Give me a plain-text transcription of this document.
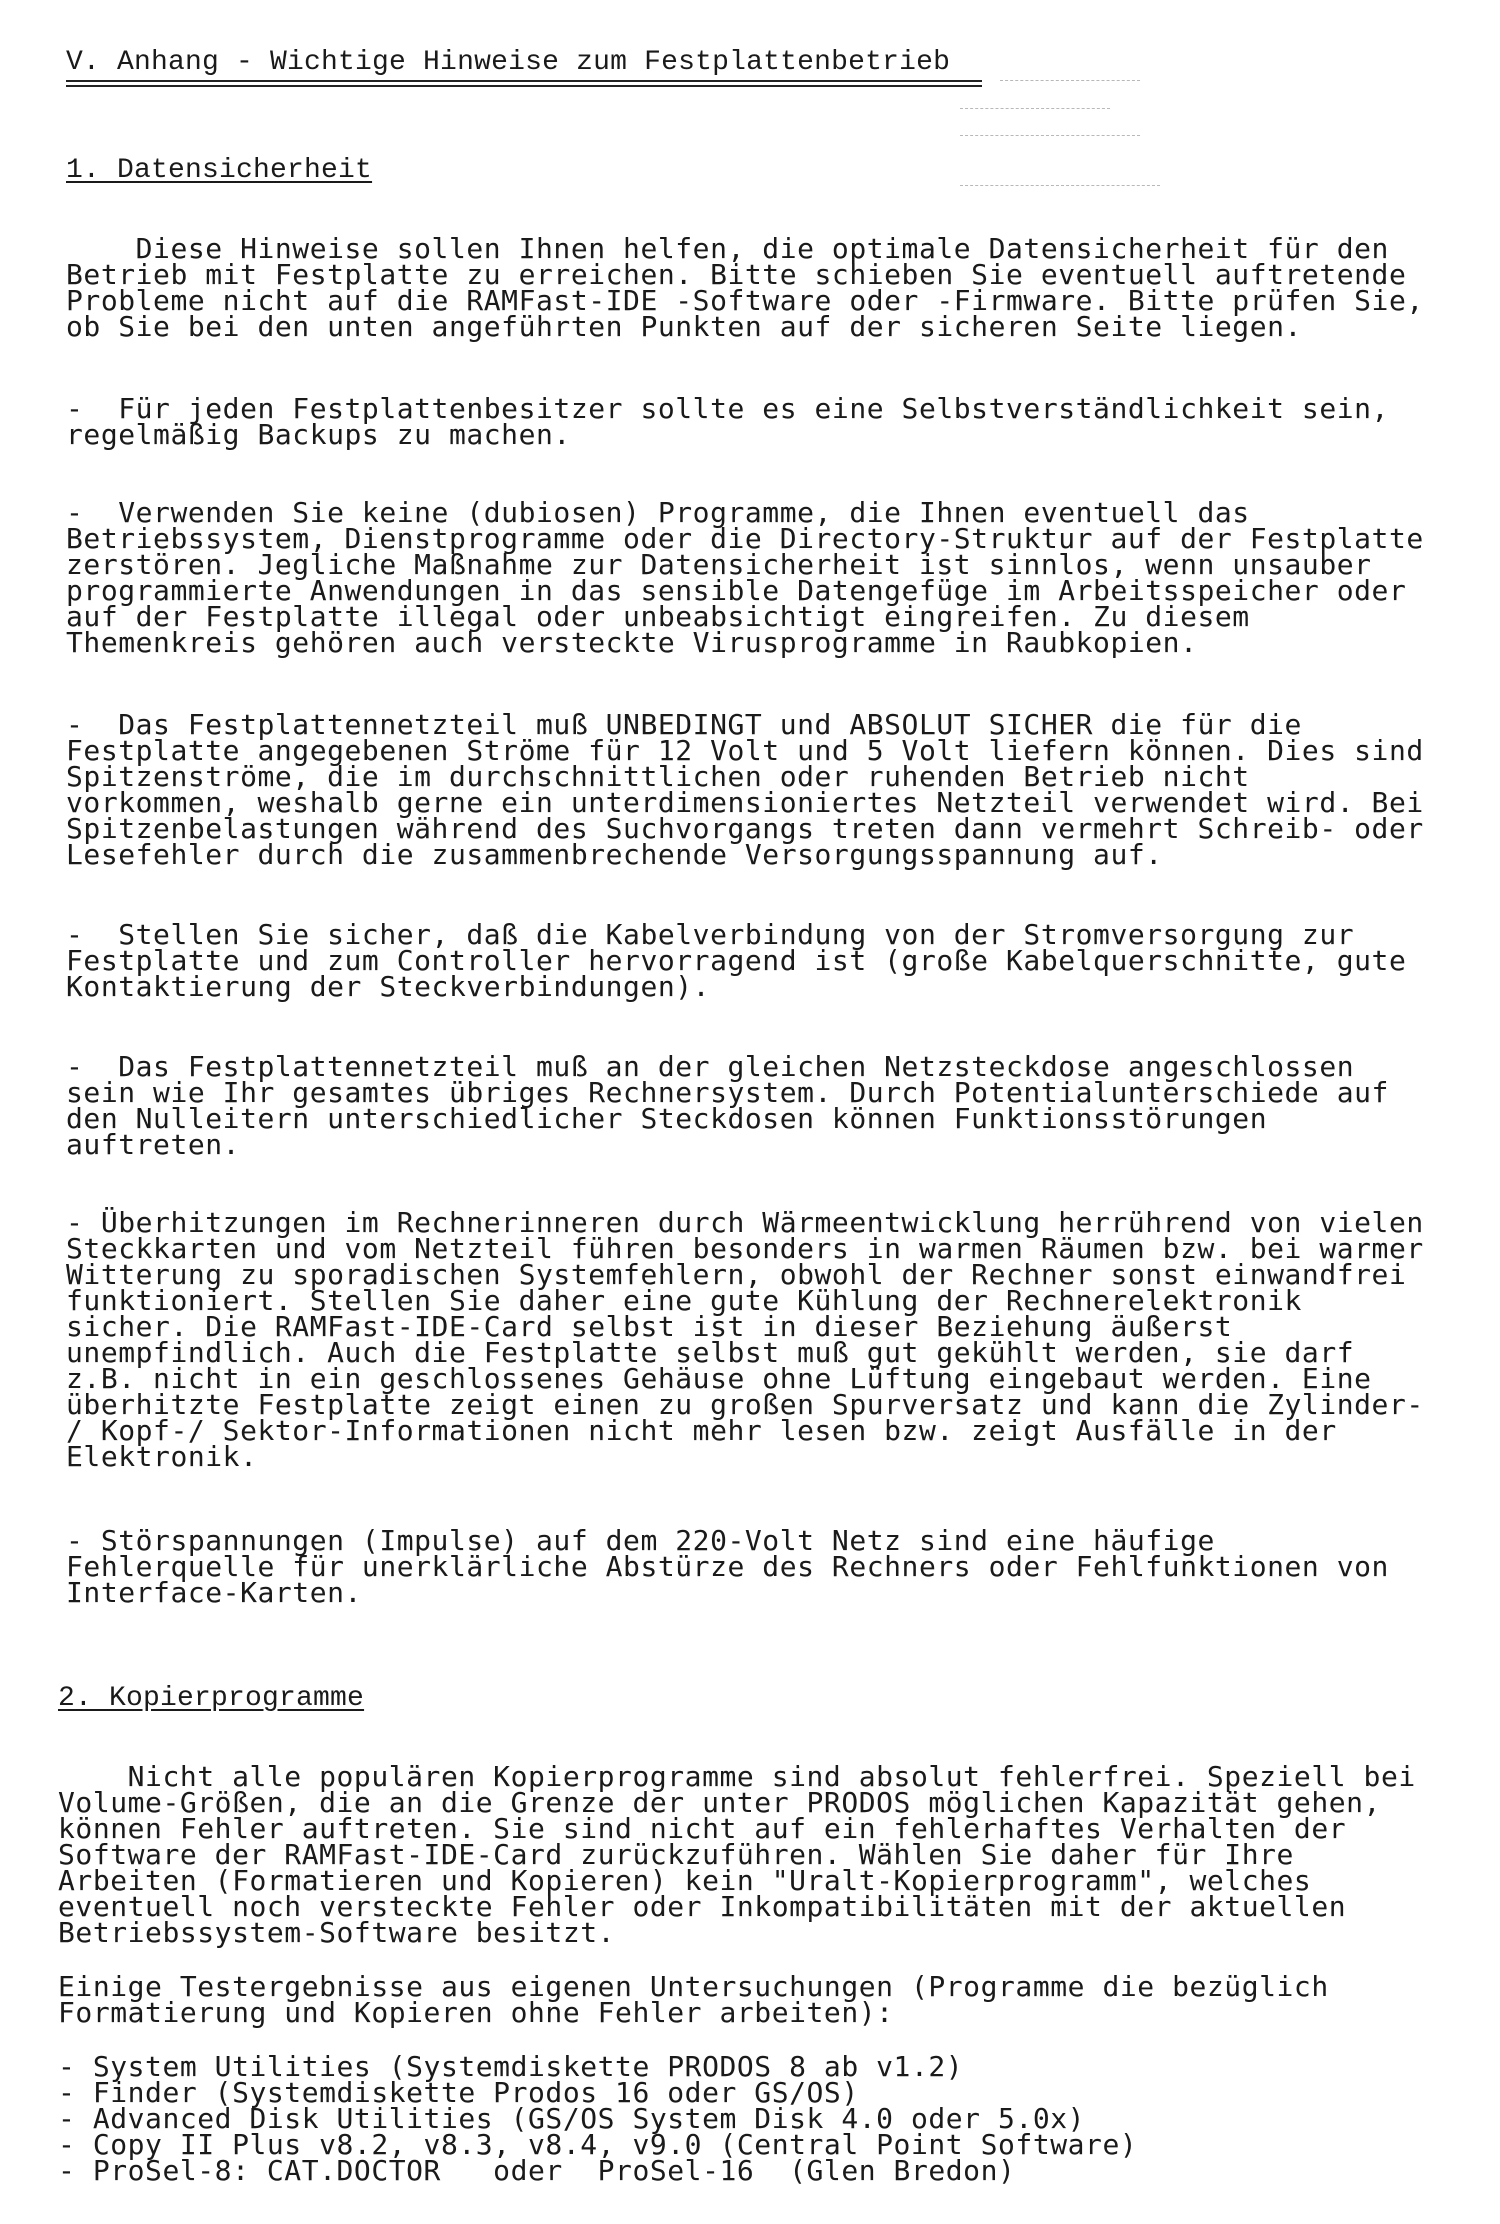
V. Anhang - Wichtige Hinweise zum Festplattenbetrieb
1. Datensicherheit
Diese Hinweise sollen Ihnen helfen, die optimale Datensicherheit für den
Betrieb mit Festplatte zu erreichen. Bitte schieben Sie eventuell auftretende
Probleme nicht auf die RAMFast-IDE -Software oder -Firmware. Bitte prüfen Sie,
ob Sie bei den unten angeführten Punkten auf der sicheren Seite liegen.
-  Für jeden Festplattenbesitzer sollte es eine Selbstverständlichkeit sein,
regelmäßig Backups zu machen.
-  Verwenden Sie keine (dubiosen) Programme, die Ihnen eventuell das
Betriebssystem, Dienstprogramme oder die Directory-Struktur auf der Festplatte
zerstören. Jegliche Maßnahme zur Datensicherheit ist sinnlos, wenn unsauber
programmierte Anwendungen in das sensible Datengefüge im Arbeitsspeicher oder
auf der Festplatte illegal oder unbeabsichtigt eingreifen. Zu diesem
Themenkreis gehören auch versteckte Virusprogramme in Raubkopien.
-  Das Festplattennetzteil muß UNBEDINGT und ABSOLUT SICHER die für die
Festplatte angegebenen Ströme für 12 Volt und 5 Volt liefern können. Dies sind
Spitzenströme, die im durchschnittlichen oder ruhenden Betrieb nicht
vorkommen, weshalb gerne ein unterdimensioniertes Netzteil verwendet wird. Bei
Spitzenbelastungen während des Suchvorgangs treten dann vermehrt Schreib- oder
Lesefehler durch die zusammenbrechende Versorgungsspannung auf.
-  Stellen Sie sicher, daß die Kabelverbindung von der Stromversorgung zur
Festplatte und zum Controller hervorragend ist (große Kabelquerschnitte, gute
Kontaktierung der Steckverbindungen).
-  Das Festplattennetzteil muß an der gleichen Netzsteckdose angeschlossen
sein wie Ihr gesamtes übriges Rechnersystem. Durch Potentialunterschiede auf
den Nulleitern unterschiedlicher Steckdosen können Funktionsstörungen
auftreten.
- Überhitzungen im Rechnerinneren durch Wärmeentwicklung herrührend von vielen
Steckkarten und vom Netzteil führen besonders in warmen Räumen bzw. bei warmer
Witterung zu sporadischen Systemfehlern, obwohl der Rechner sonst einwandfrei
funktioniert. Stellen Sie daher eine gute Kühlung der Rechnerelektronik
sicher. Die RAMFast-IDE-Card selbst ist in dieser Beziehung äußerst
unempfindlich. Auch die Festplatte selbst muß gut gekühlt werden, sie darf
z.B. nicht in ein geschlossenes Gehäuse ohne Lüftung eingebaut werden. Eine
überhitzte Festplatte zeigt einen zu großen Spurversatz und kann die Zylinder-
/ Kopf-/ Sektor-Informationen nicht mehr lesen bzw. zeigt Ausfälle in der
Elektronik.
- Störspannungen (Impulse) auf dem 220-Volt Netz sind eine häufige
Fehlerquelle für unerklärliche Abstürze des Rechners oder Fehlfunktionen von
Interface-Karten.
2. Kopierprogramme
Nicht alle populären Kopierprogramme sind absolut fehlerfrei. Speziell bei
Volume-Größen, die an die Grenze der unter PRODOS möglichen Kapazität gehen,
können Fehler auftreten. Sie sind nicht auf ein fehlerhaftes Verhalten der
Software der RAMFast-IDE-Card zurückzuführen. Wählen Sie daher für Ihre
Arbeiten (Formatieren und Kopieren) kein "Uralt-Kopierprogramm", welches
eventuell noch versteckte Fehler oder Inkompatibilitäten mit der aktuellen
Betriebssystem-Software besitzt.
Einige Testergebnisse aus eigenen Untersuchungen (Programme die bezüglich
Formatierung und Kopieren ohne Fehler arbeiten):
- System Utilities (Systemdiskette PRODOS 8 ab v1.2)
- Finder (Systemdiskette Prodos 16 oder GS/OS)
- Advanced Disk Utilities (GS/OS System Disk 4.0 oder 5.0x)
- Copy II Plus v8.2, v8.3, v8.4, v9.0 (Central Point Software)
- ProSel-8: CAT.DOCTOR   oder  ProSel-16  (Glen Bredon)
